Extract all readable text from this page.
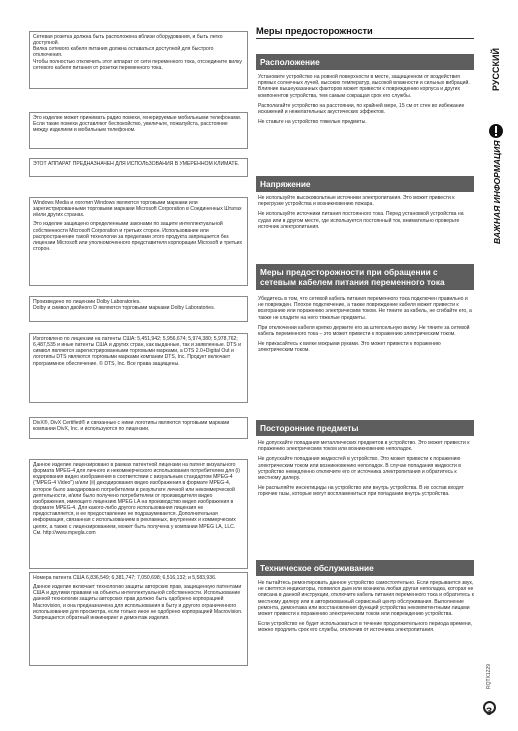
Сетевая розетка должна быть расположена вблизи оборудования, и быть легко доступной.
Вилка сетевого кабеля питания должна оставаться доступной для быстрого отключения.
Чтобы полностью отключить этот аппарат от сети переменного тока, отсоедините вилку сетевого кабеля питания от розетки переменного тока.

Это изделие может принимать радио помехи, генерируемые мобильными телефонами. Если такие помехи доставляют беспокойство, увеличьте, пожалуйста, расстояние между изделием и мобильным телефоном.

ЭТОТ АППАРАТ ПРЕДНАЗНАЧЕН ДЛЯ ИСПОЛЬЗОВАНИЯ В УМЕРЕННОМ КЛИМАТЕ.

Windows Media и логотип Windows являются торговыми марками или зарегистрированными торговыми марками Microsoft Corporation в Соединенных Штатах и/или других странах.

Это изделие защищено определенными законами по защите интеллектуальной собственности Microsoft Corporation и третьих сторон. Использование или распространение такой технологии за пределами этого продукта запрещается без лицензии Microsoft или уполномоченного представителя корпорации Microsoft и третьих сторон.

Произведено по лицензии Dolby Laboratories.
Dolby и символ двойного D являются торговыми марками Dolby Laboratories.

Изготовлено по лицензии на патенты США: 5,451,942; 5,956,674; 5,974,380; 5,978,762; 6,487,535 и иные патенты США и других стран, как выданные, так и заявленные. DTS и символ являются зарегистрированными торговыми марками, а DTS 2.0+Digital Out и логотипы DTS являются торговыми марками компании DTS, Inc. Продукт включает программное обеспечение. © DTS, Inc. Все права защищены.

DivX®, DivX Certified® и связанные с ними логотипы являются торговыми марками компании DivX, Inc. и используются по лицензии.

Данное изделие лицензировано в рамках патентной лицензии на патент визуального формата MPEG-4 для личного и некоммерческого использования потребителем для (i) кодирования видео изображения в соответствии с визуальным стандартом MPEG-4 ("MPEG-4 Video") и/или (ii) декодирования видео изображения в формате MPEG-4, которое было закодировано потребителем в результате личной или некоммерческой деятельности, и/или было получено потребителем от производителя видео изображения, имеющего лицензию MPEG LA на производство видео изображения в формате MPEG-4. Для какого-либо другого использования лицензия не предоставляется, и ее предоставление не подразумевается. Дополнительная информация, связанная с использованием в рекламных, внутренних и коммерческих целях, а также с лицензированием, может быть получена у компании MPEG LA, LLC. См. http://www.mpegla.com

Номера патента США 6,836,549; 6,381,747; 7,050,698; 6,516,132; и 5,583,936.

Данное изделие включает технологию защиты авторских прав, защищенную патентами США и другими правами на объекты интеллектуальной собственности. Использование данной технологии защиты авторских прав должно быть одобрено корпорацией Macrovision, и она предназначена для использования в быту и другого ограниченного использования для просмотра, если только иное не одобрено корпорацией Macrovision. Запрещается обратный инжиниринг и демонтаж изделия.

Меры предосторожности
Расположение

Установите устройство на ровной поверхности в месте, защищенном от воздействия прямых солнечных лучей, высоких температур, высокой влажности и сильных вибраций. Влияние вышеуказанных факторов может привести к повреждению корпуса и других компонентов устройства, тем самым сокращая срок его службы.

Располагайте устройство на расстоянии, по крайней мере, 15 см от стен во избежание искажений и нежелательных акустических эффектов.

Не ставьте на устройство тяжелые предметы.

Напряжение

Не используйте высоковольтные источники электропитания. Это может привести к перегрузке устройства и возникновению пожара.

Не используйте источники питания постоянного тока. Перед установкой устройства на судах или в другом месте, где используется постоянный ток, внимательно проверьте источник электропитания.

Меры предосторожности при обращении с сетевым кабелем питания переменного тока

Убедитесь в том, что сетевой кабель питания переменного тока подключен правильно и не поврежден. Плохое подключение, а также повреждение кабеля может привести к возгоранию или поражению электрическим током. Не тяните за кабель, не сгибайте его, а также не кладите на него тяжелые предметы.

При отключении кабеля крепко держите его за штепсельную вилку. Не тяните за сетевой кабель переменного тока – это может привести к поражению электрическим током.

Не прикасайтесь к вилке мокрыми руками. Это может привести к поражению электрическим током.

Посторонние предметы

Не допускайте попадания металлических предметов в устройство. Это может привести к поражению электрическим током или возникновению неполадок.

Не допускайте попадания жидкостей в устройство. Это может привести к поражению электрическим током или возникновению неполадок. В случае попадания жидкости в устройство немедленно отключите его от источника электропитания и обратитесь к местному дилеру.

Не распыляйте инсектициды на устройство или внутрь устройства. В их состав входят горючие газы, которые могут воспламениться при попадании внутрь устройства.

Техническое обслуживание

Не пытайтесь ремонтировать данное устройство самостоятельно. Если прерывается звук, не светятся индикаторы, появился дым или возникла любая другая неполадка, которая не описана в данной инструкции, отключите кабель питания переменного тока и обратитесь к местному дилеру или в авторизованный сервисный центр обслуживания. Выполнение ремонта, демонтажа или восстановления функций устройства некомпетентными лицами может привести к поражению электрическим током или повреждению устройства.

Если устройство не будет использоваться в течение продолжительного периода времени, можно продлить срок его службы, отключив от источника электропитания.

РУССКИЙ
ВАЖНАЯ ИНФОРМАЦИЯ
RQTX1229
3
